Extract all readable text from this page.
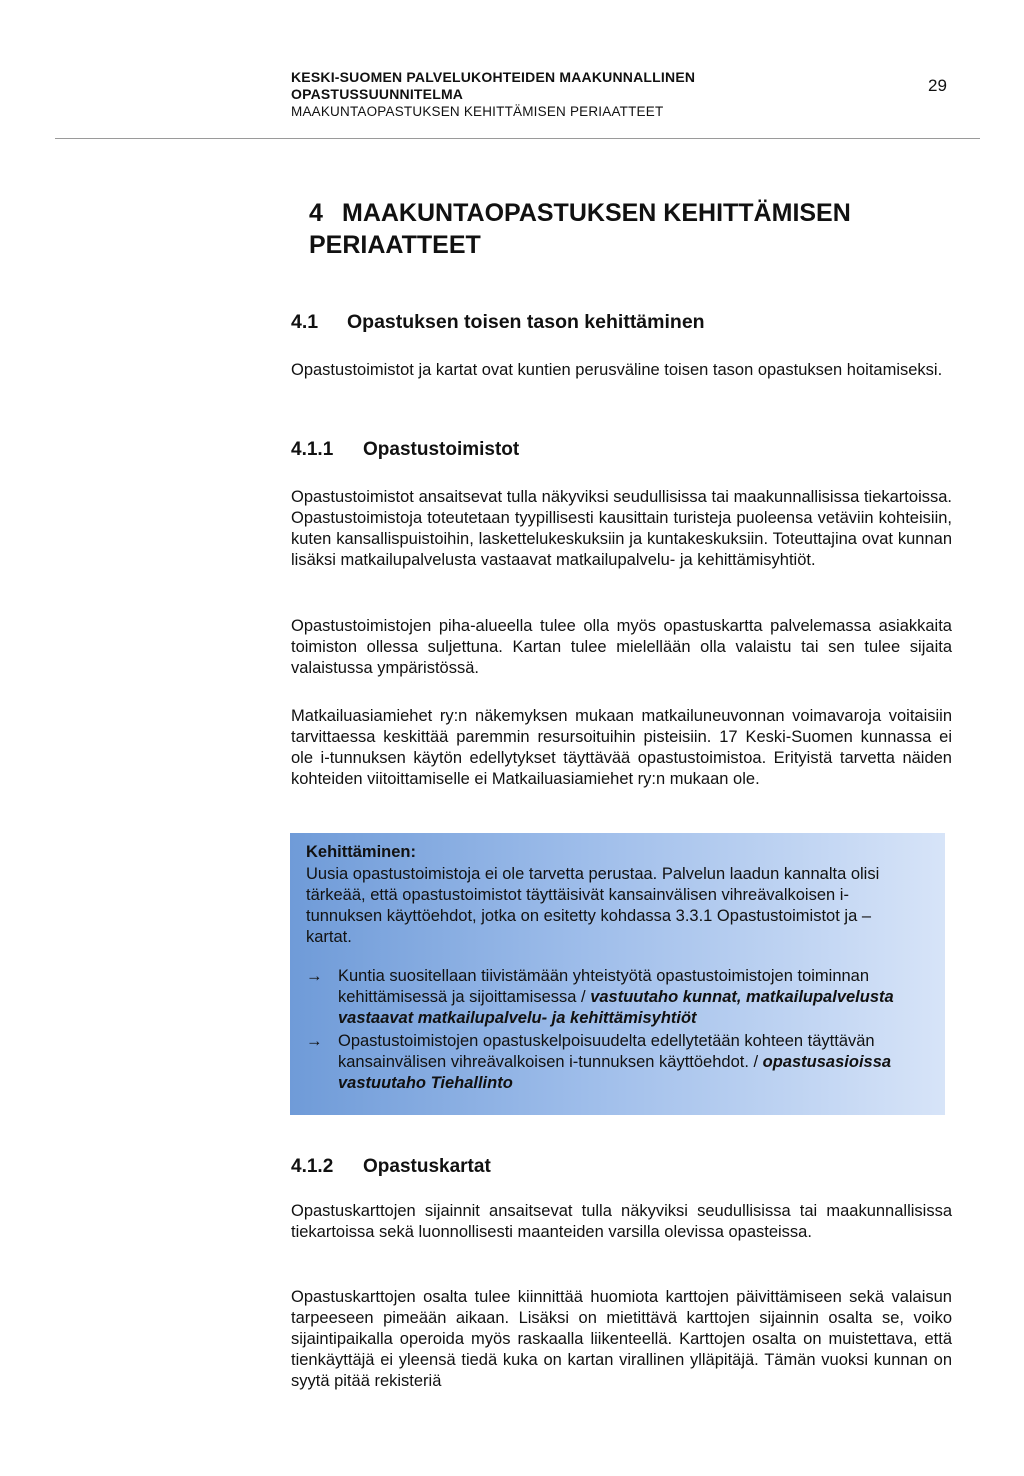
KESKI-SUOMEN PALVELUKOHTEIDEN MAAKUNNALLINEN
OPASTUSSUUNNITELMA
MAAKUNTAOPASTUKSEN KEHITTÄMISEN PERIAATTEET
29
4 MAAKUNTAOPASTUKSEN KEHITTÄMISEN PERIAATTEET
4.1 Opastuksen toisen tason kehittäminen

Opastustoimistot ja kartat ovat kuntien perusväline toisen tason opastuksen hoitamiseksi.

4.1.1 Opastustoimistot

Opastustoimistot ansaitsevat tulla näkyviksi seudullisissa tai maakunnallisissa tiekartoissa. Opastustoimistoja toteutetaan tyypillisesti kausittain turisteja puoleensa vetäviin kohteisiin, kuten kansallispuistoihin, laskettelukeskuksiin ja kuntakeskuksiin. Toteuttajina ovat kunnan lisäksi matkailupalvelusta vastaavat matkailupalvelu- ja kehittämisyhtiöt.

Opastustoimistojen piha-alueella tulee olla myös opastuskartta palvelemassa asiakkaita toimiston ollessa suljettuna. Kartan tulee mielellään olla valaistu tai sen tulee sijaita valaistussa ympäristössä.

Matkailuasiamiehet ry:n näkemyksen mukaan matkailuneuvonnan voimavaroja voitaisiin tarvittaessa keskittää paremmin resursoituihin pisteisiin. 17 Keski-Suomen kunnassa ei ole i-tunnuksen käytön edellytykset täyttävää opastustoimistoa. Erityistä tarvetta näiden kohteiden viitoittamiselle ei Matkailuasiamiehet ry:n mukaan ole.

Kehittäminen:

Uusia opastustoimistoja ei ole tarvetta perustaa. Palvelun laadun kannalta olisi tärkeää, että opastustoimistot täyttäisivät kansainvälisen vihreävalkoisen i-tunnuksen käyttöehdot, jotka on esitetty kohdassa 3.3.1 Opastustoimistot ja –kartat.

→ Kuntia suositellaan tiivistämään yhteistyötä opastustoimistojen toiminnan kehittämisessä ja sijoittamisessa / vastuutaho kunnat, matkailupalvelusta vastaavat matkailupalvelu- ja kehittämisyhtiöt

→ Opastustoimistojen opastuskelpoisuudelta edellytetään kohteen täyttävän kansainvälisen vihreävalkoisen i-tunnuksen käyttöehdot. / opastusasioissa vastuutaho Tiehallinto

4.1.2 Opastuskartat

Opastuskarttojen sijainnit ansaitsevat tulla näkyviksi seudullisissa tai maakunnallisissa tiekartoissa sekä luonnollisesti maanteiden varsilla olevissa opasteissa.

Opastuskarttojen osalta tulee kiinnittää huomiota karttojen päivittämiseen sekä valaisun tarpeeseen pimeään aikaan. Lisäksi on mietittävä karttojen sijainnin osalta se, voiko sijaintipaikalla operoida myös raskaalla liikenteellä. Karttojen osalta on muistettava, että tienkäyttäjä ei yleensä tiedä kuka on kartan virallinen ylläpitäjä. Tämän vuoksi kunnan on syytä pitää rekisteriä
